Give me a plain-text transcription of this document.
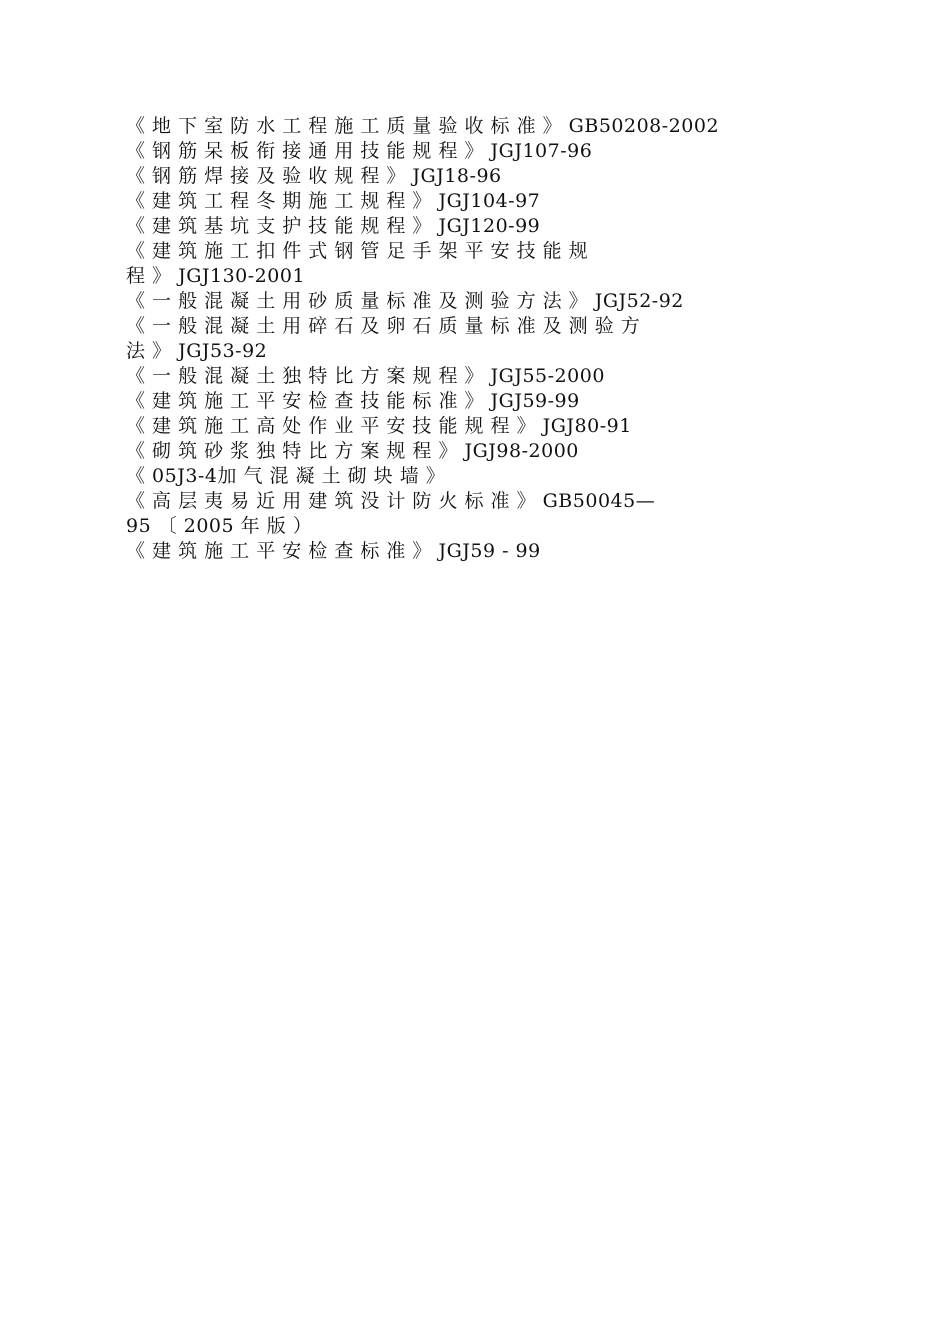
《 地 下 室 防 水 工 程 施 工 质 量 验 收 标 准 》 GB50208-2002
《 钢 筋 呆 板 衔 接 通 用 技 能 规 程 》 JGJ107-96
《 钢 筋 焊 接 及 验 收 规 程 》 JGJ18-96
《 建 筑 工 程 冬 期 施 工 规 程 》 JGJ104-97
《 建 筑 基 坑 支 护 技 能 规 程 》 JGJ120-99
《 建 筑 施 工 扣 件 式 钢 管 足 手 架 平 安 技 能 规
程 》 JGJ130-2001
《 一 般 混 凝 土 用 砂 质 量 标 准 及 测 验 方 法 》 JGJ52-92
《 一 般 混 凝 土 用 碎 石 及 卵 石 质 量 标 准 及 测 验 方
法 》 JGJ53-92
《 一 般 混 凝 土 独 特 比 方 案 规 程 》 JGJ55-2000
《 建 筑 施 工 平 安 检 查 技 能 标 准 》 JGJ59-99
《 建 筑 施 工 高 处 作 业 平 安 技 能 规 程 》 JGJ80-91
《 砌 筑 砂 浆 独 特 比 方 案 规 程 》 JGJ98-2000
《 05J3-4加 气 混 凝 土 砌 块 墙 》
《 高 层 夷 易 近 用 建 筑 没 计 防 火 标 准 》 GB50045—
95 〔 2005 年 版 ）
《 建 筑 施 工 平 安 检 查 标 准 》 JGJ59 - 99
